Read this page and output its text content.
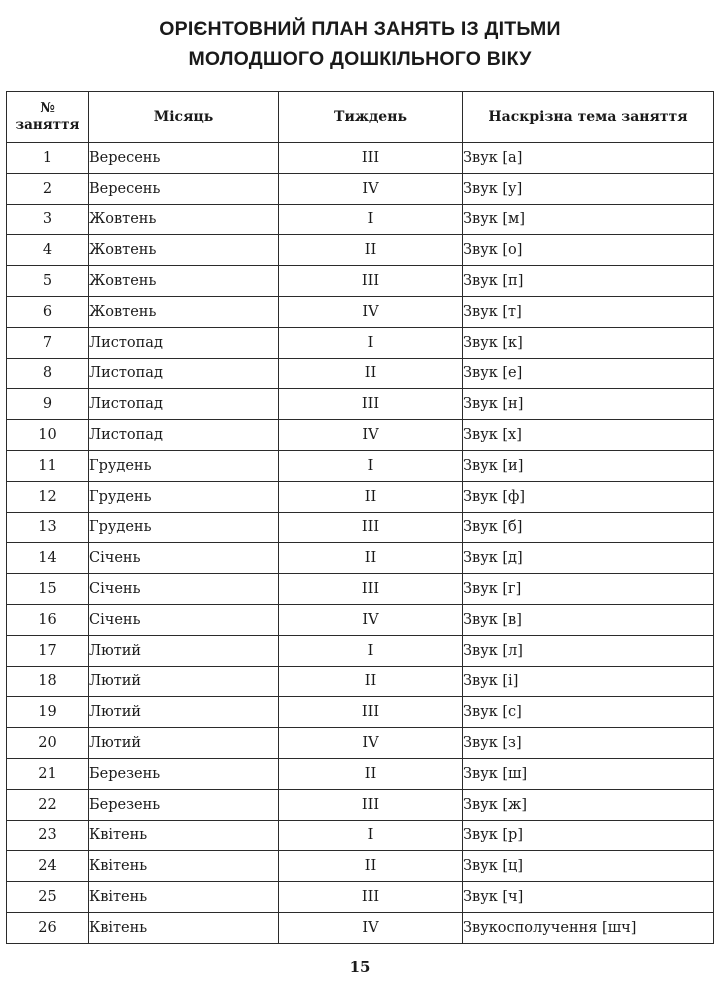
ОРІЄНТОВНИЙ ПЛАН ЗАНЯТЬ ІЗ ДІТЬМИ
МОЛОДШОГО ДОШКІЛЬНОГО ВІКУ
№
заняття	Місяць	Тиждень	Наскрізна тема заняття
1	Вересень	III	Звук [а]
2	Вересень	IV	Звук [у]
3	Жовтень	I	Звук [м]
4	Жовтень	II	Звук [о]
5	Жовтень	III	Звук [п]
6	Жовтень	IV	Звук [т]
7	Листопад	I	Звук [к]
8	Листопад	II	Звук [е]
9	Листопад	III	Звук [н]
10	Листопад	IV	Звук [х]
11	Грудень	I	Звук [и]
12	Грудень	II	Звук [ф]
13	Грудень	III	Звук [б]
14	Січень	II	Звук [д]
15	Січень	III	Звук [г]
16	Січень	IV	Звук [в]
17	Лютий	I	Звук [л]
18	Лютий	II	Звук [і]
19	Лютий	III	Звук [с]
20	Лютий	IV	Звук [з]
21	Березень	II	Звук [ш]
22	Березень	III	Звук [ж]
23	Квітень	I	Звук [р]
24	Квітень	II	Звук [ц]
25	Квітень	III	Звук [ч]
26	Квітень	IV	Звукосполучення [шч]
15
